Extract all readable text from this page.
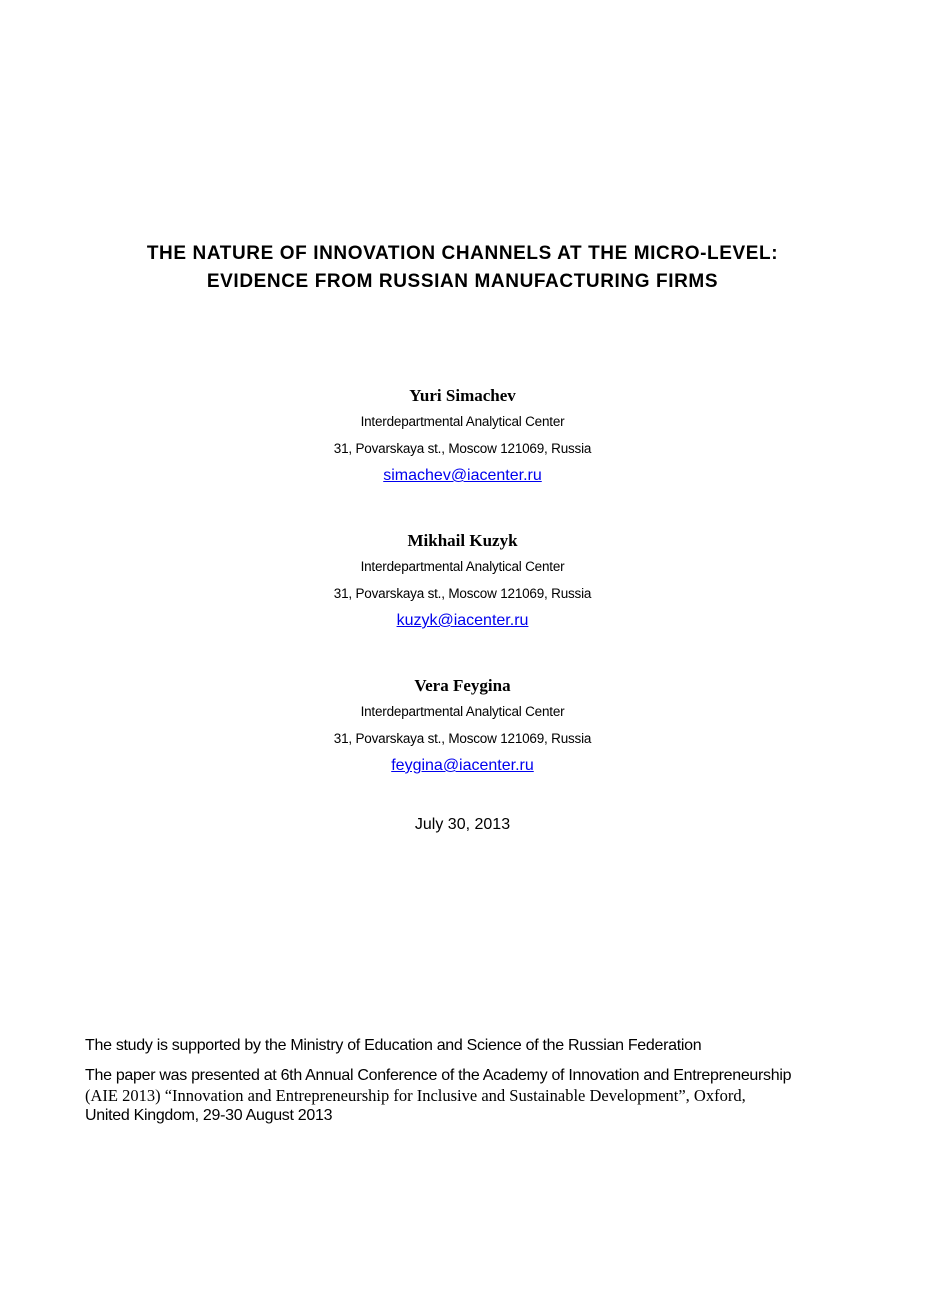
THE NATURE OF INNOVATION CHANNELS AT THE MICRO-LEVEL:
EVIDENCE FROM RUSSIAN MANUFACTURING FIRMS
Yuri Simachev
Interdepartmental Analytical Center
31, Povarskaya st., Moscow 121069, Russia
simachev@iacenter.ru
Mikhail Kuzyk
Interdepartmental Analytical Center
31, Povarskaya st., Moscow 121069, Russia
kuzyk@iacenter.ru
Vera Feygina
Interdepartmental Analytical Center
31, Povarskaya st., Moscow 121069, Russia
feygina@iacenter.ru
July 30, 2013
The study is supported by the Ministry of Education and Science of the Russian Federation
The paper was presented at 6th Annual Conference of the Academy of Innovation and Entrepreneurship
(AIE 2013) “Innovation and Entrepreneurship for Inclusive and Sustainable Development”, Oxford,
United Kingdom, 29-30 August 2013
